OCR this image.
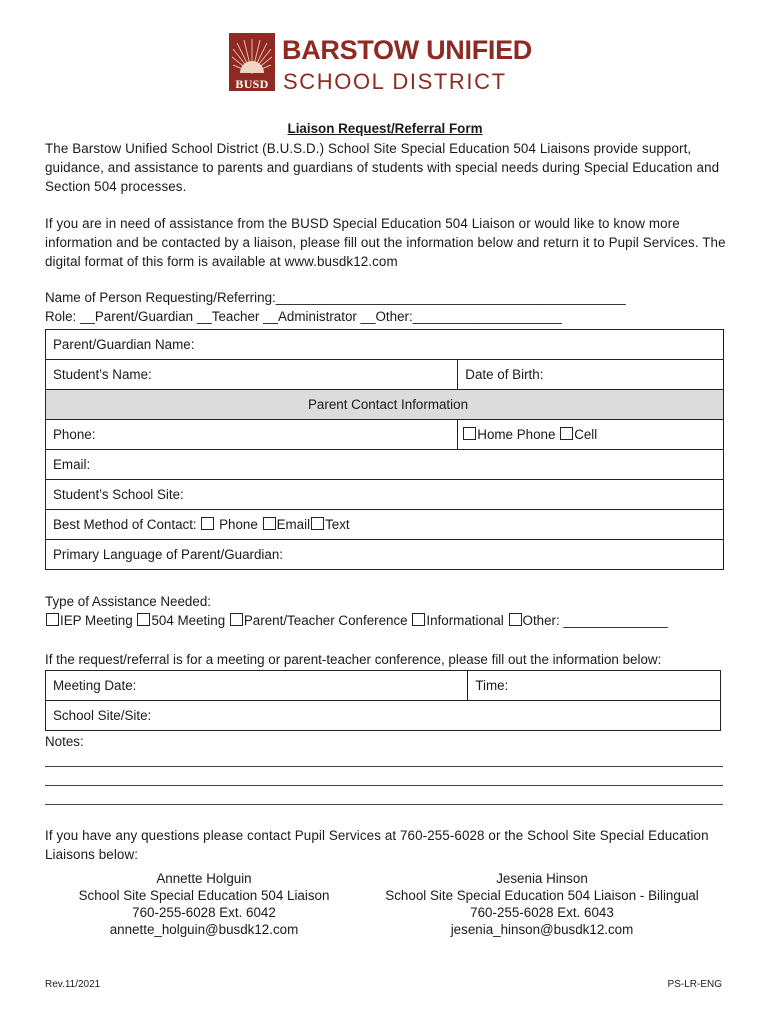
BUSD
BARSTOW UNIFIED
SCHOOL DISTRICT
Liaison Request/Referral Form
The Barstow Unified School District (B.U.S.D.) School Site Special Education 504 Liaisons provide support, guidance, and assistance to parents and guardians of students with special needs during Special Education and Section 504 processes.
If you are in need of assistance from the BUSD Special Education 504 Liaison or would like to know more information and be contacted by a liaison, please fill out the information below and return it to Pupil Services. The digital format of this form is available at www.busdk12.com
Name of Person Requesting/Referring:_______________________________________________
Role: __Parent/Guardian __Teacher __Administrator __Other:____________________
Parent/Guardian Name:	
Student’s Name:	Date of Birth:
Parent Contact Information	
Phone:	Home Phone Cell
Email:	
Student’s School Site:	
Best Method of Contact:  Phone Email Text	
Primary Language of Parent/Guardian:	
Type of Assistance Needed:
IEP Meeting 504 Meeting Parent/Teacher Conference Informational Other: ______________
If the request/referral is for a meeting or parent-teacher conference, please fill out the information below:
Meeting Date:	Time:
School Site/Site:
Notes:
If you have any questions please contact Pupil Services at 760-255-6028 or the School Site Special Education Liaisons below:
Annette Holguin
School Site Special Education 504 Liaison
760-255-6028 Ext. 6042
annette_holguin@busdk12.com
Jesenia Hinson
School Site Special Education 504 Liaison - Bilingual
760-255-6028 Ext. 6043
jesenia_hinson@busdk12.com
Rev.11/2021	PS-LR-ENG
